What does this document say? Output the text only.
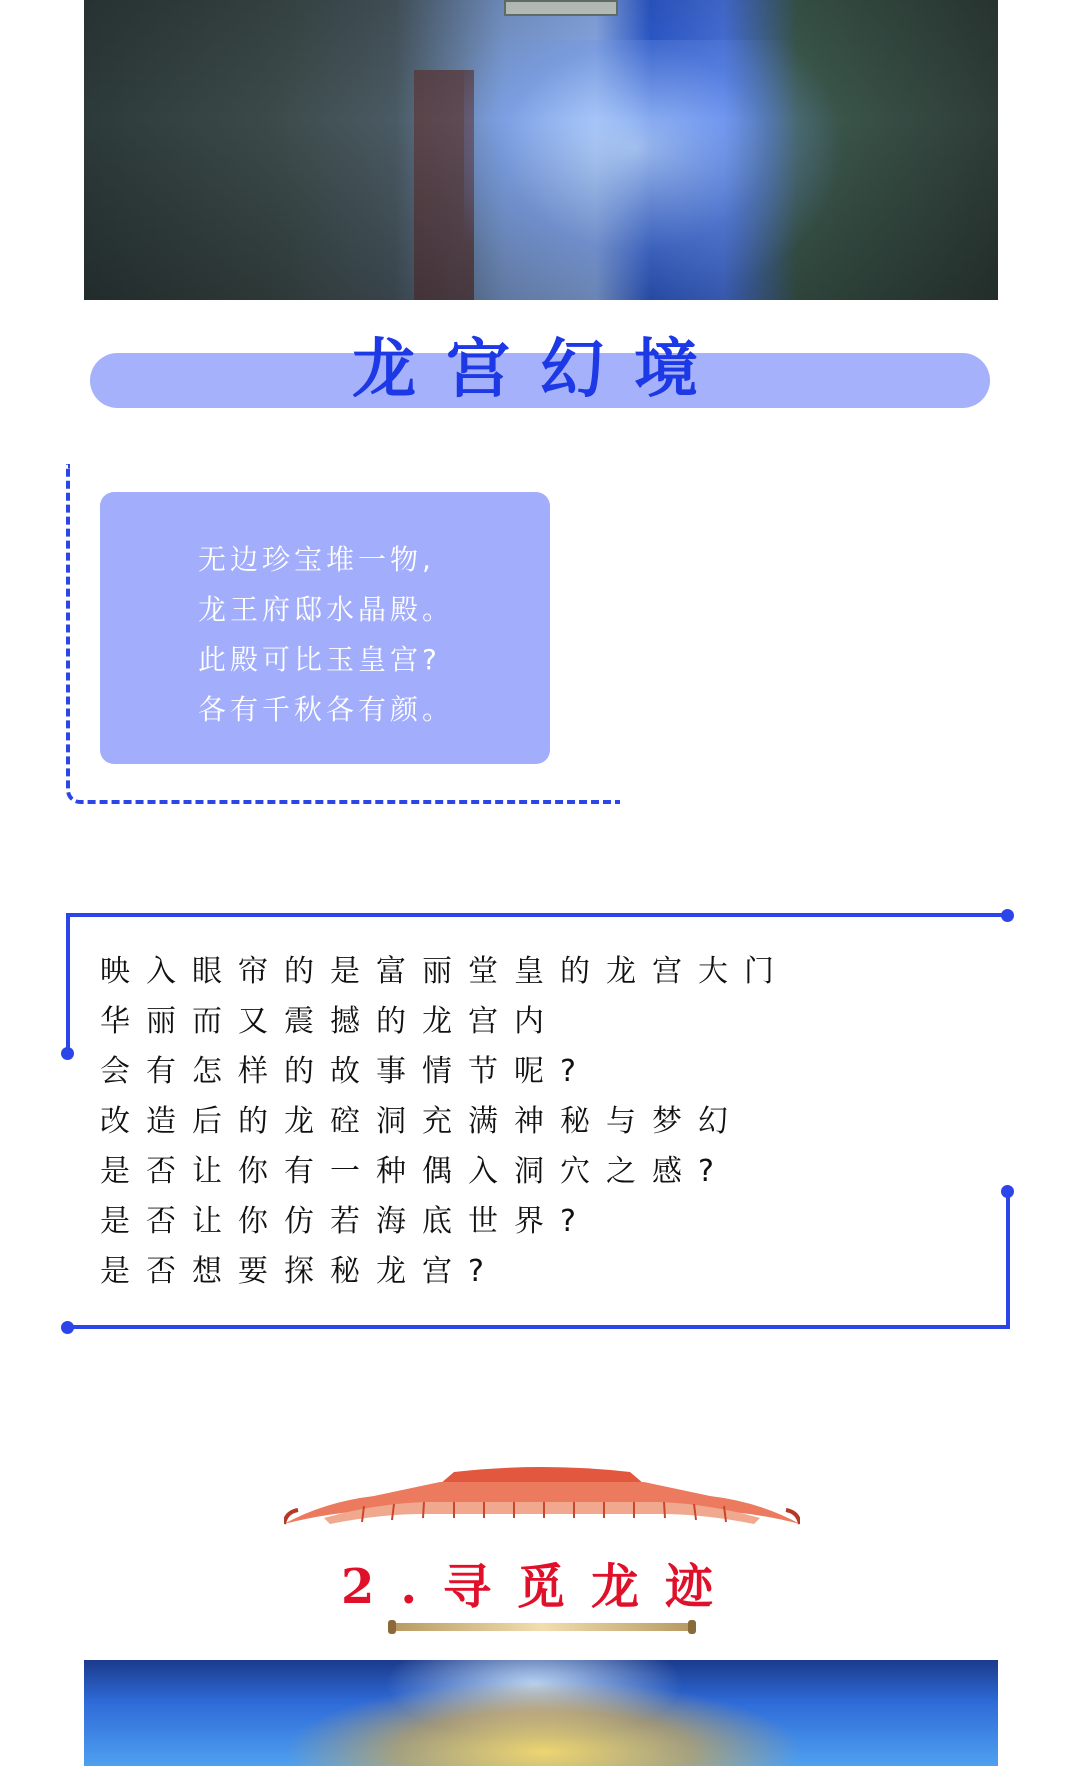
龙宫幻境
无边珍宝堆一物,
龙王府邸水晶殿。
此殿可比玉皇宫?
各有千秋各有颜。
映入眼帘的是富丽堂皇的龙宫大门
华丽而又震撼的龙宫内
会有怎样的故事情节呢?
改造后的龙硿洞充满神秘与梦幻
是否让你有一种偶入洞穴之感?
是否让你仿若海底世界?
是否想要探秘龙宫?
2.寻觅龙迹
